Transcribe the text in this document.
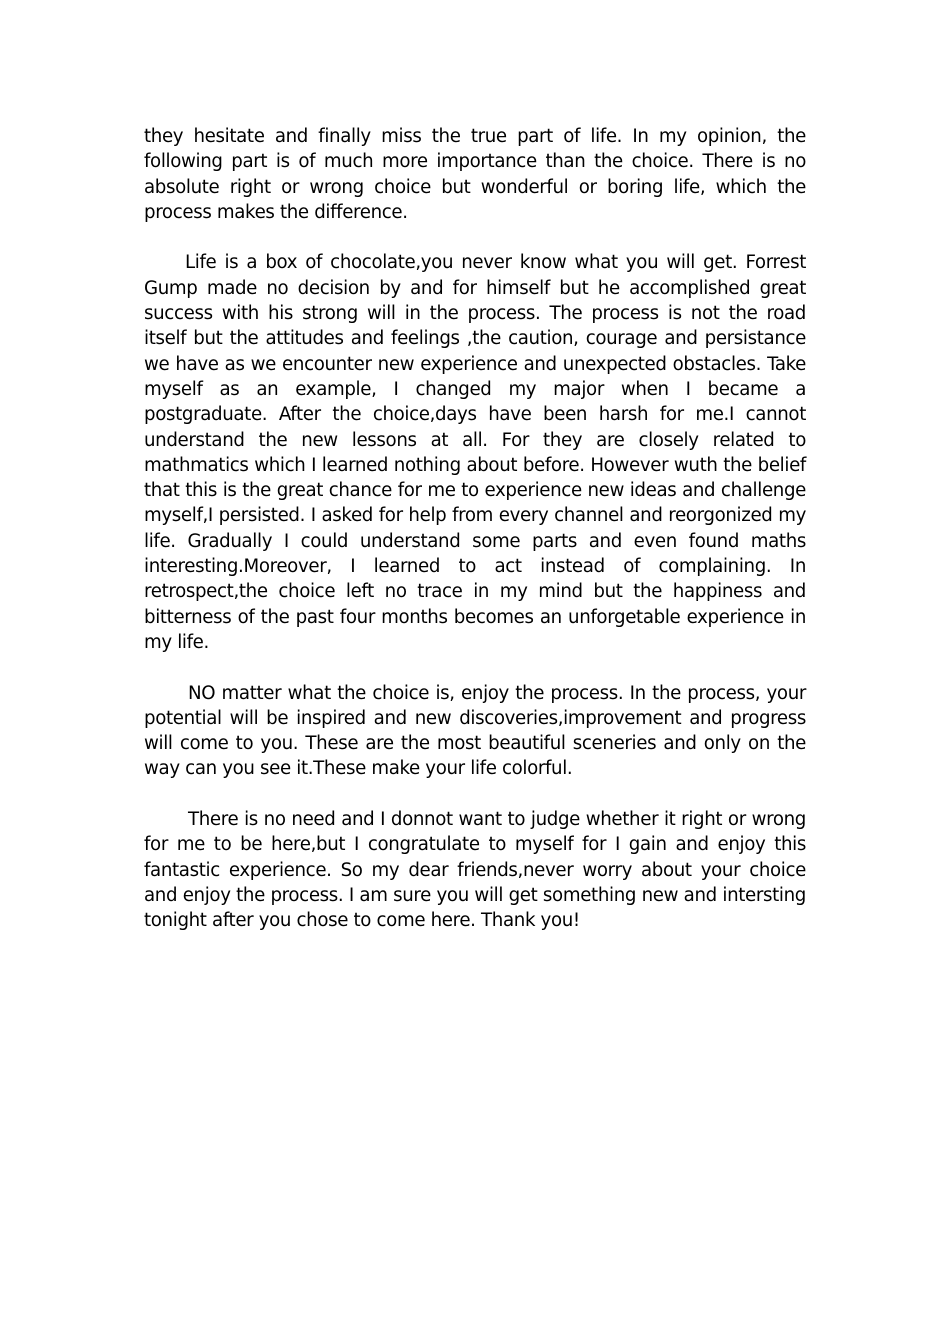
they hesitate and finally miss the true part of life. In my opinion, the following part is of much more importance than the choice. There is no absolute right or wrong choice but wonderful or boring life, which the process makes the difference.

Life is a box of chocolate,you never know what you will get. Forrest Gump made no decision by and for himself but he accomplished great success with his strong will in the process. The process is not the road itself but the attitudes and feelings ,the caution, courage and persistance we have as we encounter new experience and unexpected obstacles. Take myself as an example, I changed my major when I became a postgraduate. After the choice,days have been harsh for me.I cannot understand the new lessons at all. For they are closely related to mathmatics which I learned nothing about before. However wuth the belief that this is the great chance for me to experience new ideas and challenge myself,I persisted. I asked for help from every channel and reorgonized my life. Gradually I could understand some parts and even found maths interesting.Moreover, I learned to act instead of complaining. In retrospect,the choice left no trace in my mind but the happiness and bitterness of the past four months becomes an unforgetable experience in my life.

NO matter what the choice is, enjoy the process. In the process, your potential will be inspired and new discoveries,improvement and progress will come to you. These are the most beautiful sceneries and only on the way can you see it.These make your life colorful.

There is no need and I donnot want to judge whether it right or wrong for me to be here,but I congratulate to myself for I gain and enjoy this fantastic experience. So my dear friends,never worry about your choice and enjoy the process. I am sure you will get something new and intersting tonight after you chose to come here. Thank you!
